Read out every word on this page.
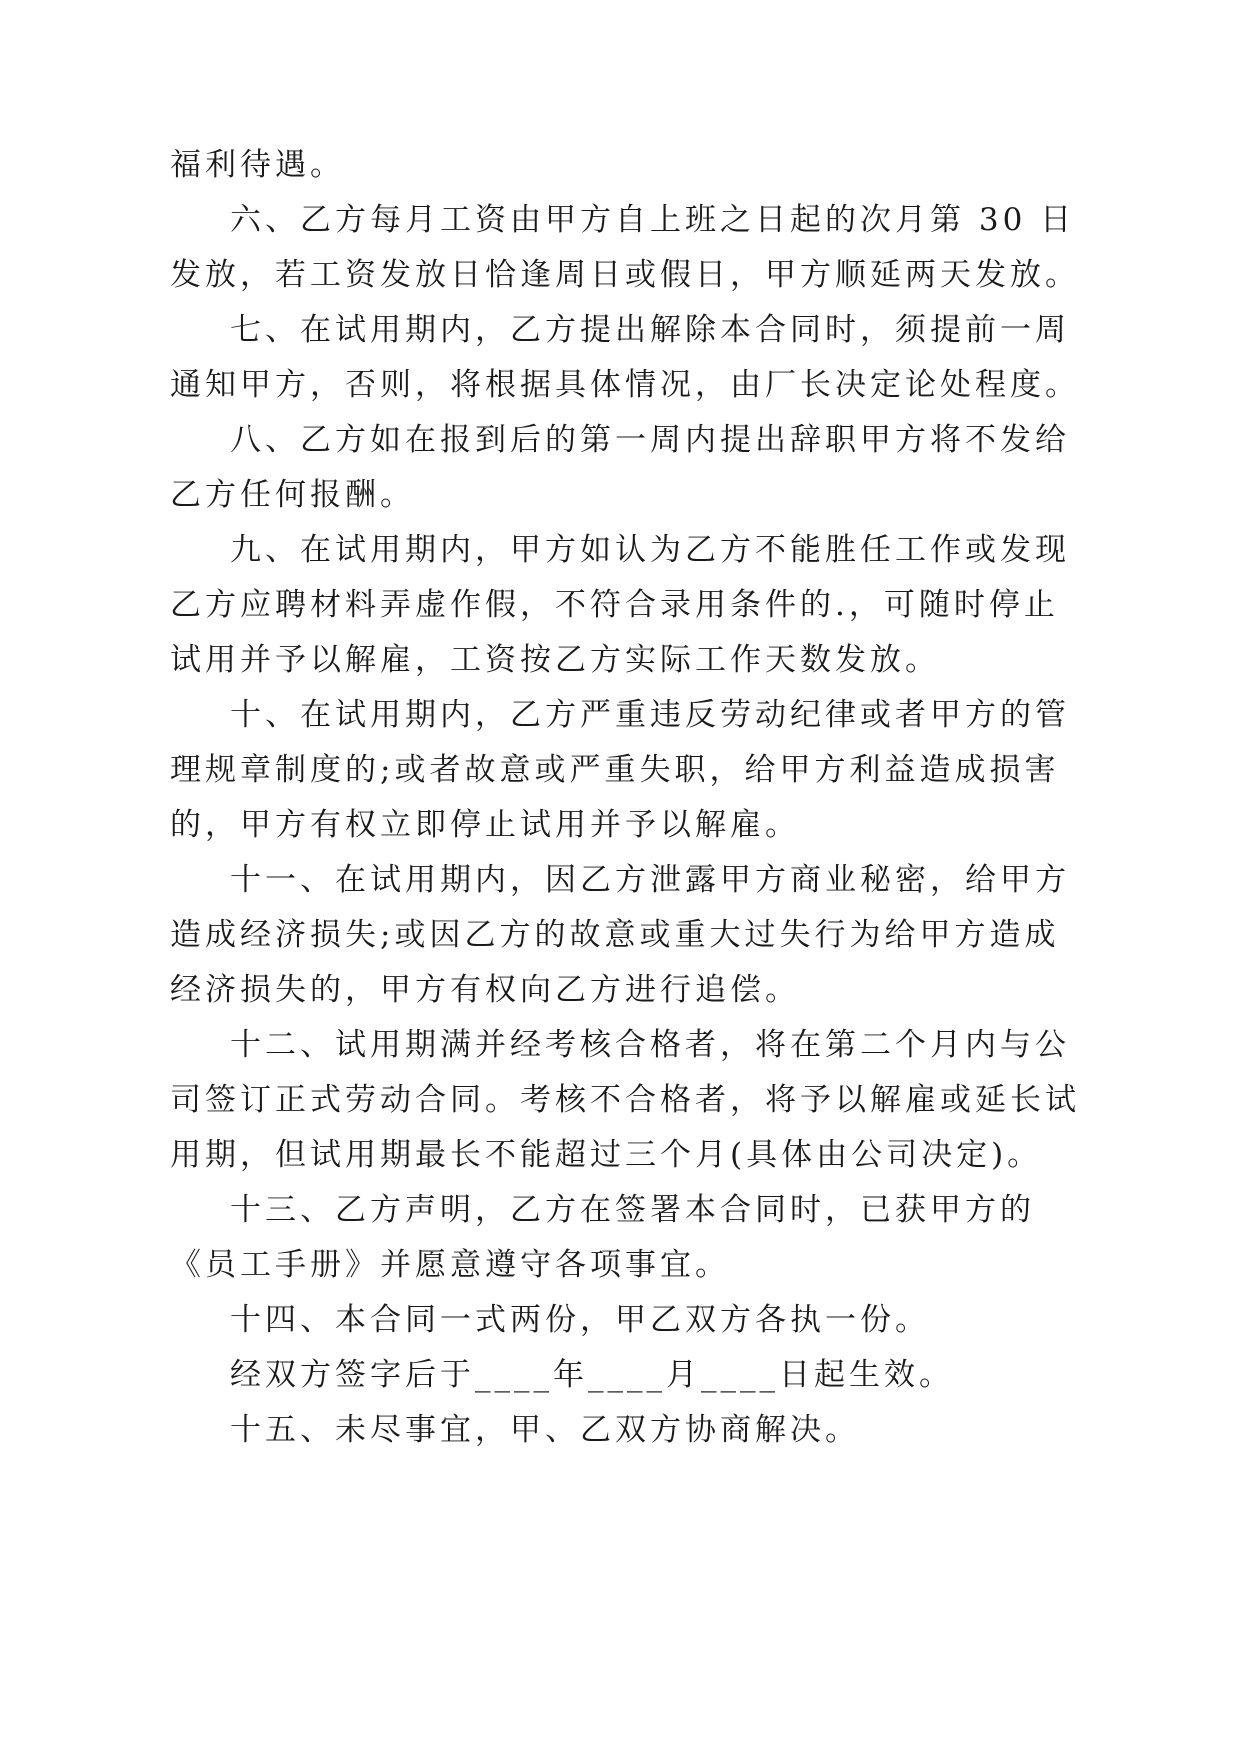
福利待遇。

六、乙方每月工资由甲方自上班之日起的次月第 30 日

发放，若工资发放日恰逢周日或假日，甲方顺延两天发放。

七、在试用期内，乙方提出解除本合同时，须提前一周

通知甲方，否则，将根据具体情况，由厂长决定论处程度。

八、乙方如在报到后的第一周内提出辞职甲方将不发给

乙方任何报酬。

九、在试用期内，甲方如认为乙方不能胜任工作或发现

乙方应聘材料弄虚作假，不符合录用条件的.，可随时停止

试用并予以解雇，工资按乙方实际工作天数发放。

十、在试用期内，乙方严重违反劳动纪律或者甲方的管

理规章制度的;或者故意或严重失职，给甲方利益造成损害

的，甲方有权立即停止试用并予以解雇。

十一、在试用期内，因乙方泄露甲方商业秘密，给甲方

造成经济损失;或因乙方的故意或重大过失行为给甲方造成

经济损失的，甲方有权向乙方进行追偿。

十二、试用期满并经考核合格者，将在第二个月内与公

司签订正式劳动合同。考核不合格者，将予以解雇或延长试

用期，但试用期最长不能超过三个月(具体由公司决定)。

十三、乙方声明，乙方在签署本合同时，已获甲方的

《员工手册》并愿意遵守各项事宜。

十四、本合同一式两份，甲乙双方各执一份。

经双方签字后于____年____月____日起生效。

十五、未尽事宜，甲、乙双方协商解决。
